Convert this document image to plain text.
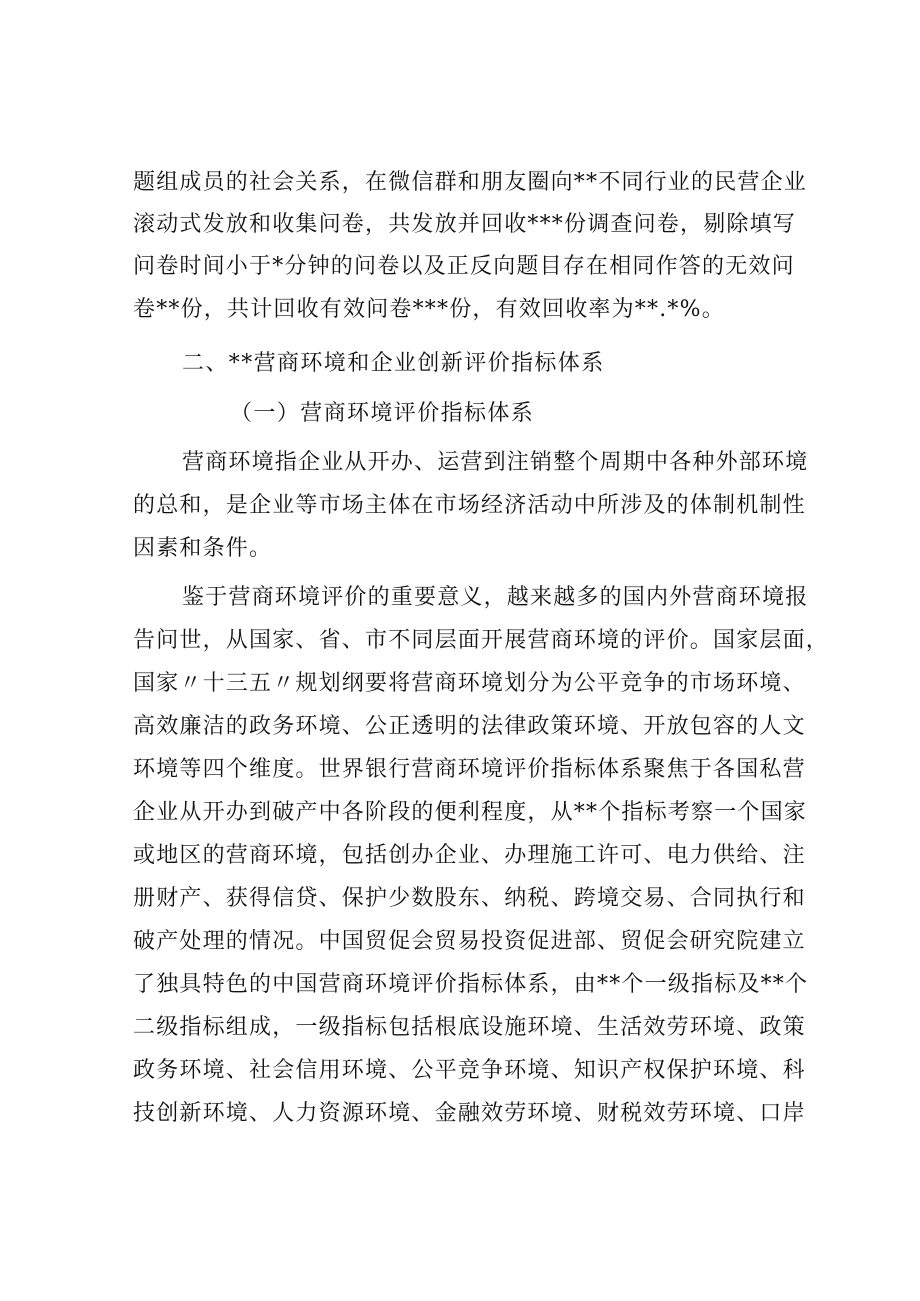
题组成员的社会关系，在微信群和朋友圈向**不同行业的民营企业
滚动式发放和收集问卷，共发放并回收***份调查问卷，剔除填写
问卷时间小于*分钟的问卷以及正反向题目存在相同作答的无效问
卷**份，共计回收有效问卷***份，有效回收率为**.*%。
二、**营商环境和企业创新评价指标体系
（一）营商环境评价指标体系
营商环境指企业从开办、运营到注销整个周期中各种外部环境
的总和，是企业等市场主体在市场经济活动中所涉及的体制机制性
因素和条件。
鉴于营商环境评价的重要意义，越来越多的国内外营商环境报
告问世，从国家、省、市不同层面开展营商环境的评价。国家层面，
国家〃十三五〃规划纲要将营商环境划分为公平竞争的市场环境、
高效廉洁的政务环境、公正透明的法律政策环境、开放包容的人文
环境等四个维度。世界银行营商环境评价指标体系聚焦于各国私营
企业从开办到破产中各阶段的便利程度，从**个指标考察一个国家
或地区的营商环境，包括创办企业、办理施工许可、电力供给、注
册财产、获得信贷、保护少数股东、纳税、跨境交易、合同执行和
破产处理的情况。中国贸促会贸易投资促进部、贸促会研究院建立
了独具特色的中国营商环境评价指标体系，由**个一级指标及**个
二级指标组成，一级指标包括根底设施环境、生活效劳环境、政策
政务环境、社会信用环境、公平竞争环境、知识产权保护环境、科
技创新环境、人力资源环境、金融效劳环境、财税效劳环境、口岸
